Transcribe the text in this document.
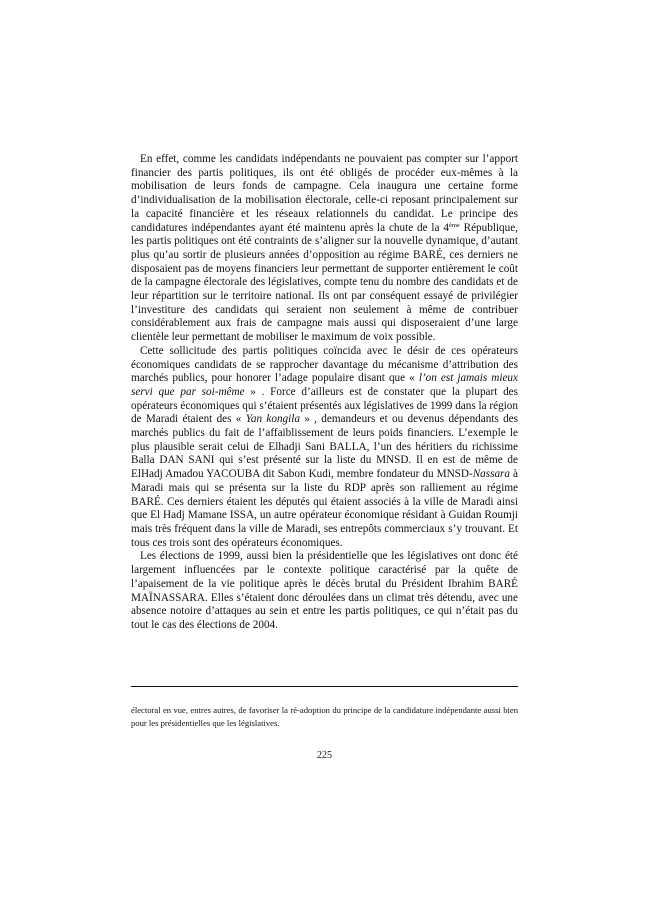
En effet, comme les candidats indépendants ne pouvaient pas compter sur l’apport financier des partis politiques, ils ont été obligés de procéder eux-mêmes à la mobilisation de leurs fonds de campagne. Cela inaugura une certaine forme d’individualisation de la mobilisation électorale, celle-ci reposant principalement sur la capacité financière et les réseaux relationnels du candidat. Le principe des candidatures indépendantes ayant été maintenu après la chute de la 4ème République, les partis politiques ont été contraints de s’aligner sur la nouvelle dynamique, d’autant plus qu’au sortir de plusieurs années d’opposition au régime BARÉ, ces derniers ne disposaient pas de moyens financiers leur permettant de supporter entièrement le coût de la campagne électorale des législatives, compte tenu du nombre des candidats et de leur répartition sur le territoire national. Ils ont par conséquent essayé de privilégier l’investiture des candidats qui seraient non seulement à même de contribuer considérablement aux frais de campagne mais aussi qui disposeraient d’une large clientèle leur permettant de mobiliser le maximum de voix possible.

Cette sollicitude des partis politiques coïncida avec le désir de ces opérateurs économiques candidats de se rapprocher davantage du mécanisme d’attribution des marchés publics, pour honorer l’adage populaire disant que « l’on est jamais mieux servi que par soi-même » . Force d’ailleurs est de constater que la plupart des opérateurs économiques qui s’étaient présentés aux législatives de 1999 dans la région de Maradi étaient des « Yan kongila » , demandeurs et ou devenus dépendants des marchés publics du fait de l’affaiblissement de leurs poids financiers. L’exemple le plus plausible serait celui de Elhadji Sani BALLA, l’un des héritiers du richissime Balla DAN SANI qui s’est présenté sur la liste du MNSD. Il en est de même de ElHadj Amadou YACOUBA dit Sabon Kudi, membre fondateur du MNSD-Nassara à Maradi mais qui se présenta sur la liste du RDP après son ralliement au régime BARÉ. Ces derniers étaient les députés qui étaient associés à la ville de Maradi ainsi que El Hadj Mamane ISSA, un autre opérateur économique résidant à Guidan Roumji mais très fréquent dans la ville de Maradi, ses entrepôts commerciaux s’y trouvant. Et tous ces trois sont des opérateurs économiques.

Les élections de 1999, aussi bien la présidentielle que les législatives ont donc été largement influencées par le contexte politique caractérisé par la quête de l’apaisement de la vie politique après le décès brutal du Président Ibrahim BARÉ MAÏNASSARA. Elles s’étaient donc déroulées dans un climat très détendu, avec une absence notoire d’attaques au sein et entre les partis politiques, ce qui n’était pas du tout le cas des élections de 2004.

électoral en vue, entres autres, de favoriser la ré-adoption du principe de la candidature indépendante aussi bien pour les présidentielles que les législatives.

225
